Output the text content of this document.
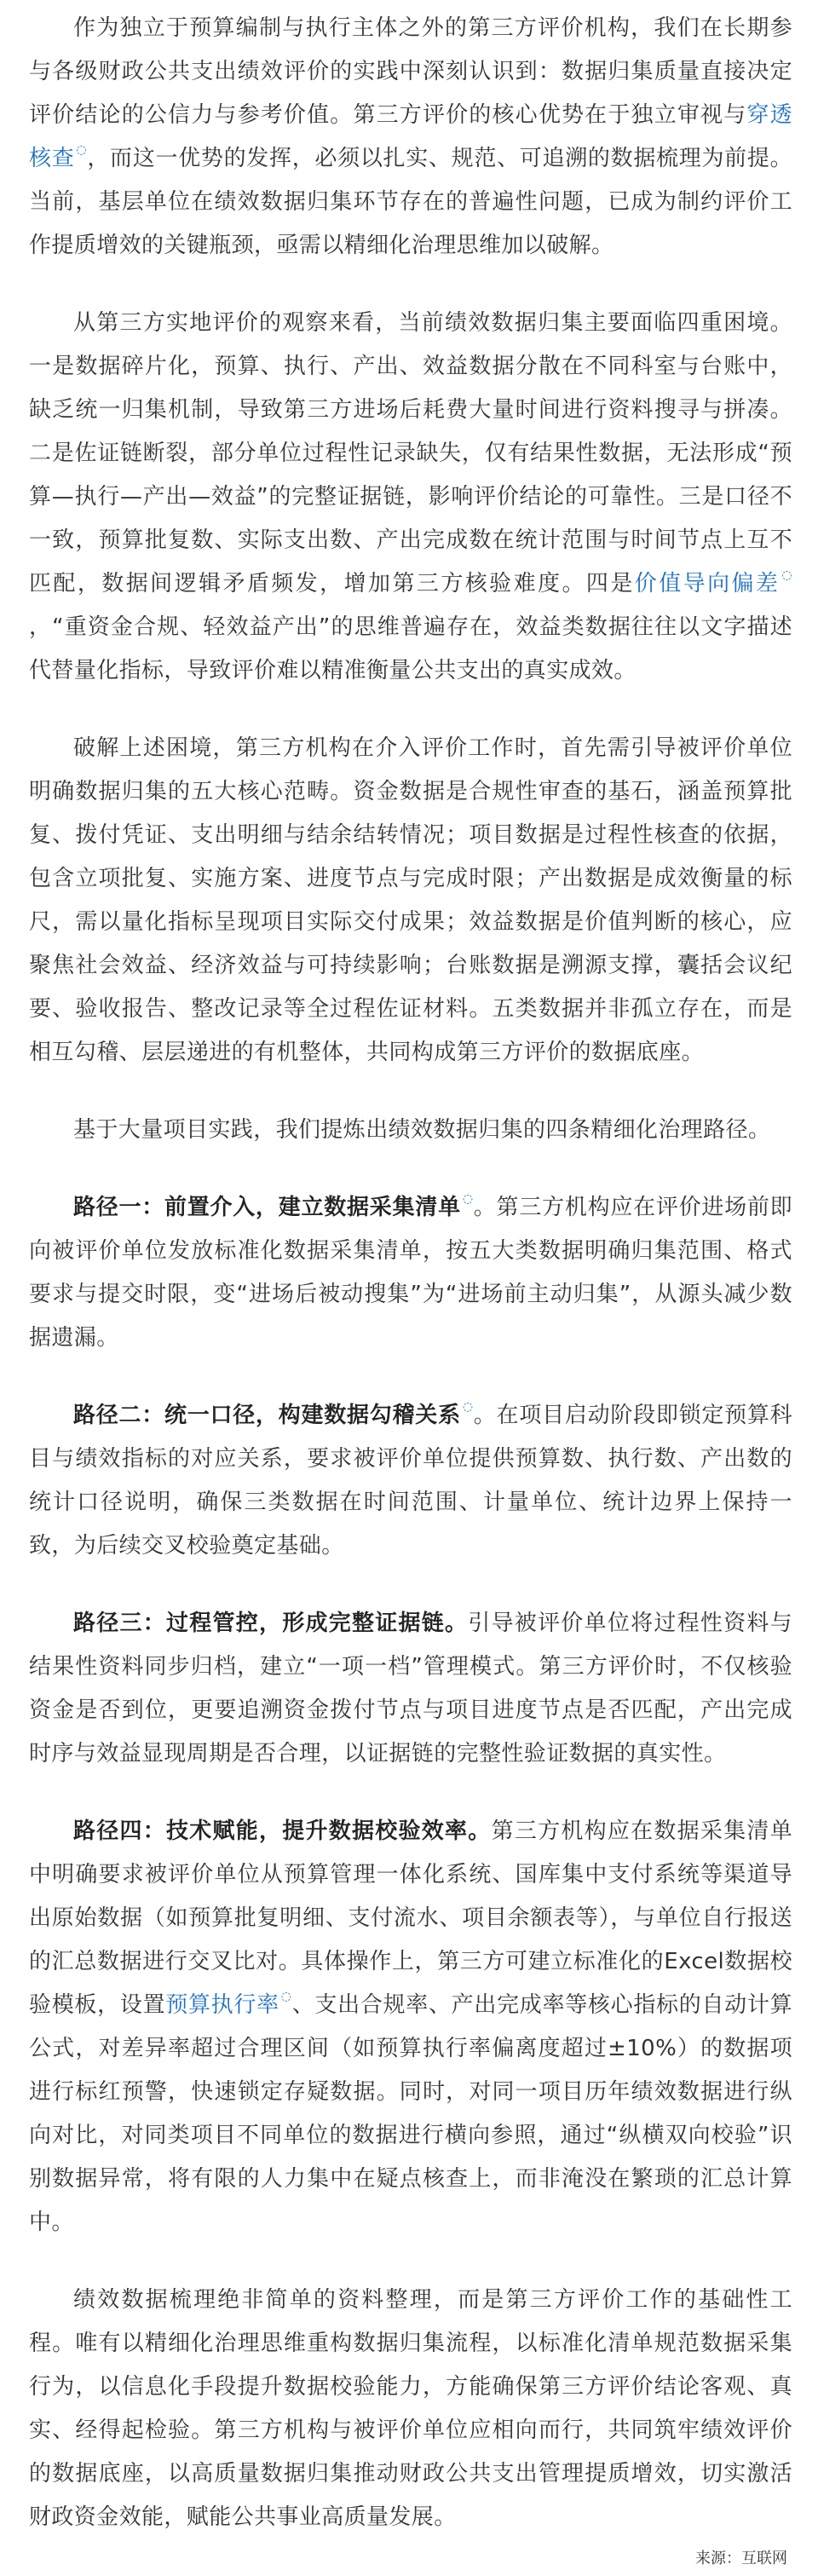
作为独立于预算编制与执行主体之外的第三方评价机构，我们在长期参与各级财政公共支出绩效评价的实践中深刻认识到：数据归集质量直接决定评价结论的公信力与参考价值。第三方评价的核心优势在于独立审视与穿透核查 ◌，而这一优势的发挥，必须以扎实、规范、可追溯的数据梳理为前提。当前，基层单位在绩效数据归集环节存在的普遍性问题，已成为制约评价工作提质增效的关键瓶颈，亟需以精细化治理思维加以破解。

从第三方实地评价的观察来看，当前绩效数据归集主要面临四重困境。一是数据碎片化，预算、执行、产出、效益数据分散在不同科室与台账中，缺乏统一归集机制，导致第三方进场后耗费大量时间进行资料搜寻与拼凑。二是佐证链断裂，部分单位过程性记录缺失，仅有结果性数据，无法形成“预算—执行—产出—效益”的完整证据链，影响评价结论的可靠性。三是口径不一致，预算批复数、实际支出数、产出完成数在统计范围与时间节点上互不匹配，数据间逻辑矛盾频发，增加第三方核验难度。四是价值导向偏差 ◌，“重资金合规、轻效益产出”的思维普遍存在，效益类数据往往以文字描述代替量化指标，导致评价难以精准衡量公共支出的真实成效。

破解上述困境，第三方机构在介入评价工作时，首先需引导被评价单位明确数据归集的五大核心范畴。资金数据是合规性审查的基石，涵盖预算批复、拨付凭证、支出明细与结余结转情况；项目数据是过程性核查的依据，包含立项批复、实施方案、进度节点与完成时限；产出数据是成效衡量的标尺，需以量化指标呈现项目实际交付成果；效益数据是价值判断的核心，应聚焦社会效益、经济效益与可持续影响；台账数据是溯源支撑，囊括会议纪要、验收报告、整改记录等全过程佐证材料。五类数据并非孤立存在，而是相互勾稽、层层递进的有机整体，共同构成第三方评价的数据底座。

基于大量项目实践，我们提炼出绩效数据归集的四条精细化治理路径。

路径一：前置介入，建立数据采集清单 ◌。第三方机构应在评价进场前即向被评价单位发放标准化数据采集清单，按五大类数据明确归集范围、格式要求与提交时限，变“进场后被动搜集”为“进场前主动归集”，从源头减少数据遗漏。

路径二：统一口径，构建数据勾稽关系 ◌。在项目启动阶段即锁定预算科目与绩效指标的对应关系，要求被评价单位提供预算数、执行数、产出数的统计口径说明，确保三类数据在时间范围、计量单位、统计边界上保持一致，为后续交叉校验奠定基础。

路径三：过程管控，形成完整证据链。引导被评价单位将过程性资料与结果性资料同步归档，建立“一项一档”管理模式。第三方评价时，不仅核验资金是否到位，更要追溯资金拨付节点与项目进度节点是否匹配，产出完成时序与效益显现周期是否合理，以证据链的完整性验证数据的真实性。

路径四：技术赋能，提升数据校验效率。第三方机构应在数据采集清单中明确要求被评价单位从预算管理一体化系统、国库集中支付系统等渠道导出原始数据（如预算批复明细、支付流水、项目余额表等），与单位自行报送的汇总数据进行交叉比对。具体操作上，第三方可建立标准化的Excel数据校验模板，设置预算执行率 ◌、支出合规率、产出完成率等核心指标的自动计算公式，对差异率超过合理区间（如预算执行率偏离度超过±10%）的数据项进行标红预警，快速锁定存疑数据。同时，对同一项目历年绩效数据进行纵向对比，对同类项目不同单位的数据进行横向参照，通过“纵横双向校验”识别数据异常，将有限的人力集中在疑点核查上，而非淹没在繁琐的汇总计算中。

绩效数据梳理绝非简单的资料整理，而是第三方评价工作的基础性工程。唯有以精细化治理思维重构数据归集流程，以标准化清单规范数据采集行为，以信息化手段提升数据校验能力，方能确保第三方评价结论客观、真实、经得起检验。第三方机构与被评价单位应相向而行，共同筑牢绩效评价的数据底座，以高质量数据归集推动财政公共支出管理提质增效，切实激活财政资金效能，赋能公共事业高质量发展。

来源：互联网
